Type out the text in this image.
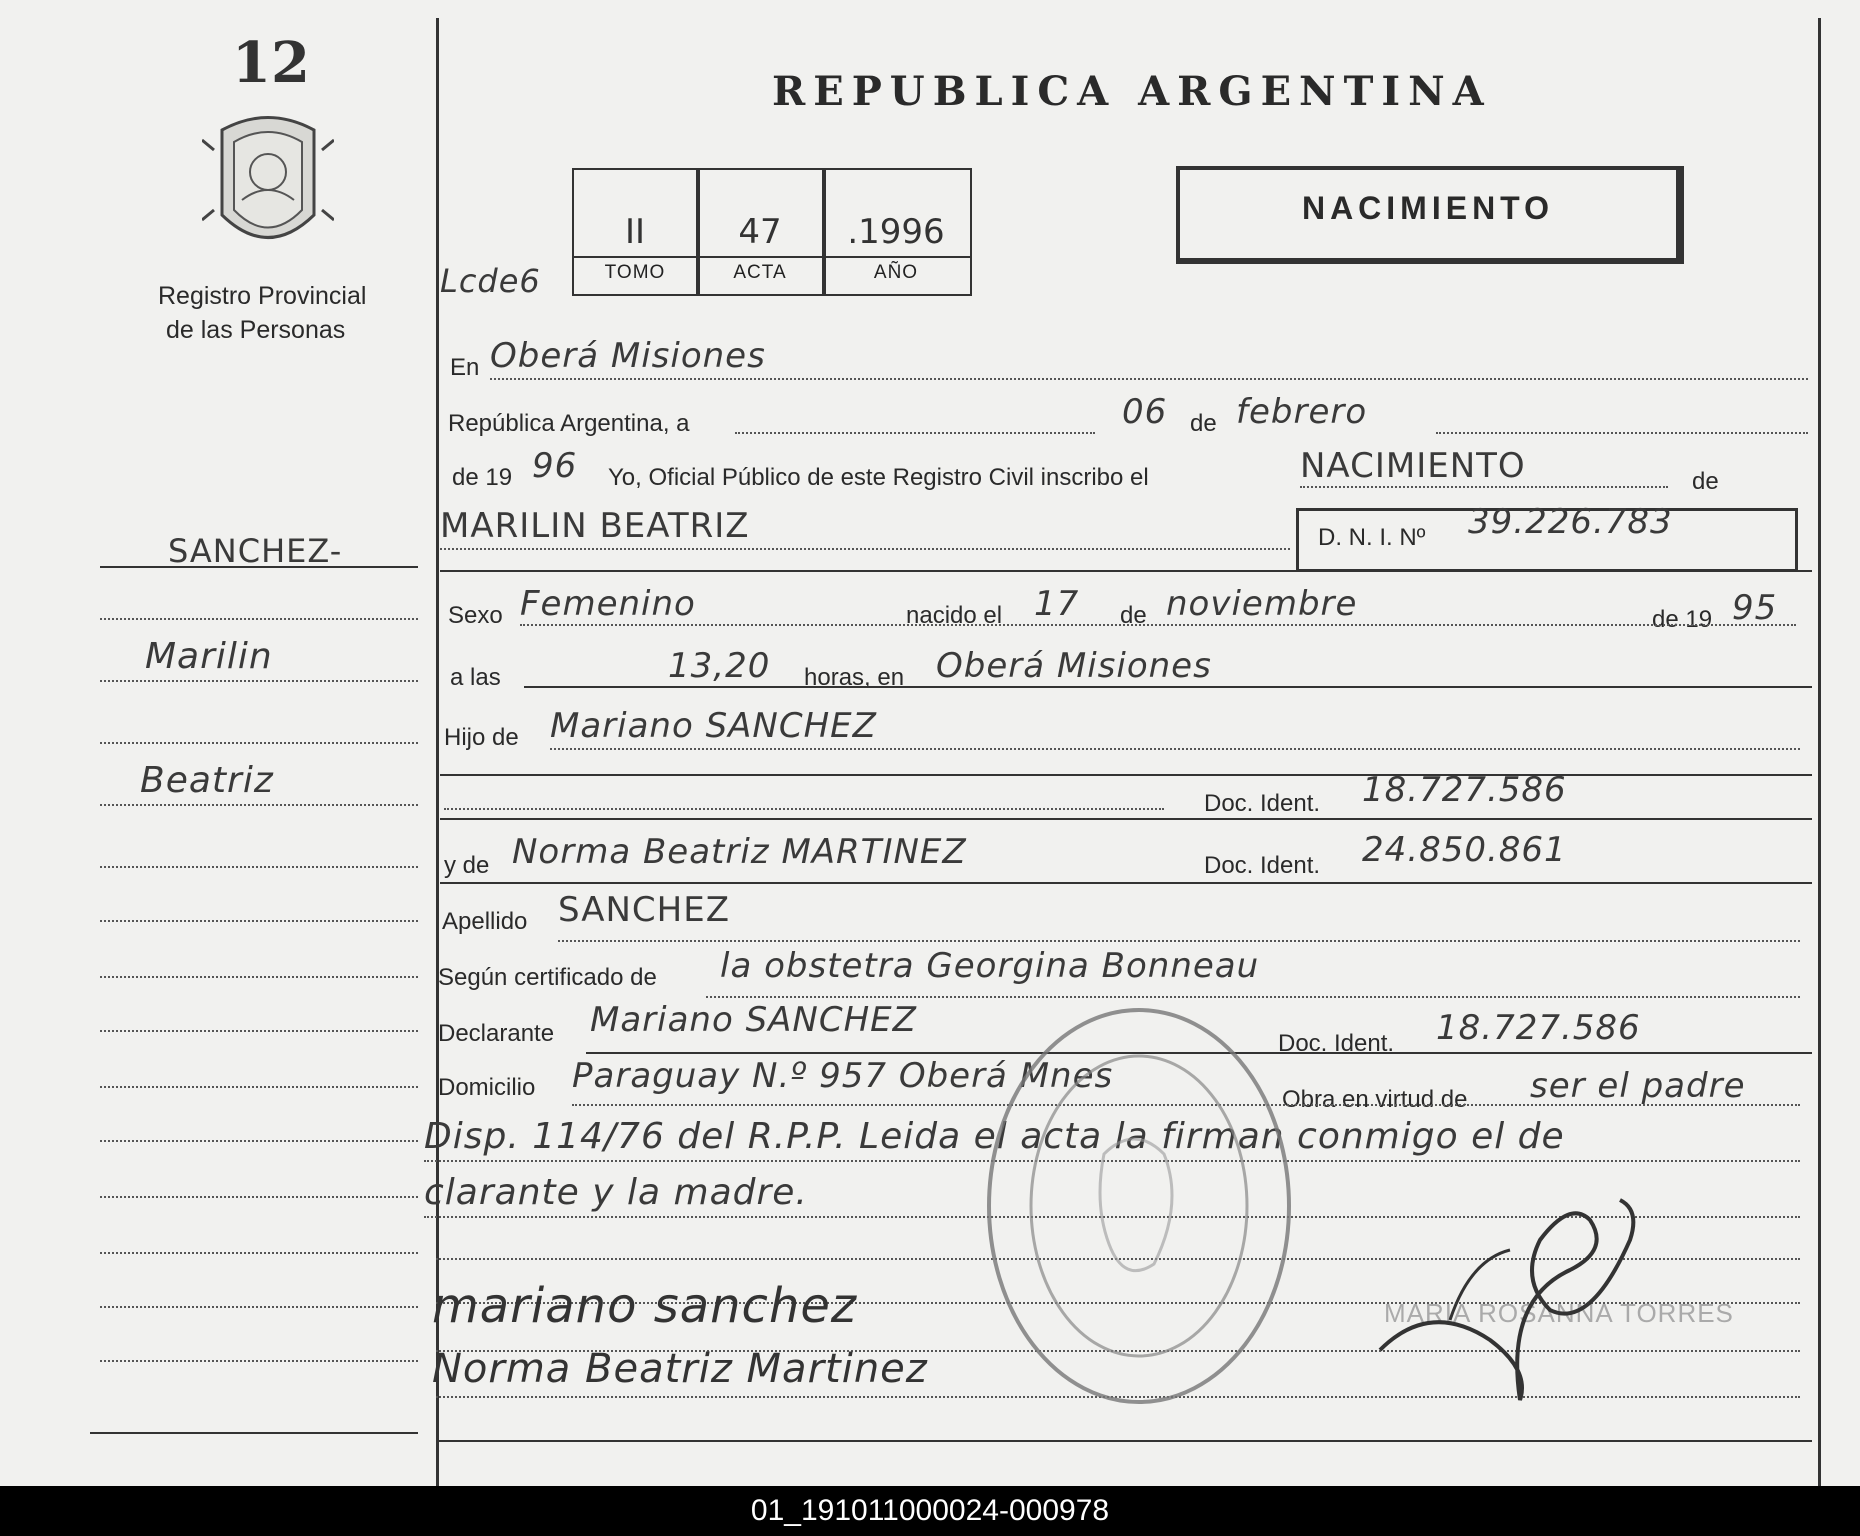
12
Registro Provincial
de las Personas
SANCHEZ-
Marilin
Beatriz
REPUBLICA ARGENTINA
II	47	.1996
TOMO	ACTA	AÑO
Lcde6
NACIMIENTO
En Oberá Misiones
República Argentina, a	06 de febrero
de 19 96 Yo, Oficial Público de este Registro Civil inscribo el	NACIMIENTO	de
MARILIN BEATRIZ	D. N. I. Nº 39.226.783
Sexo Femenino	nacido el 17 de noviembre	de 19 95
a las	13,20 horas, en Oberá Misiones
Hijo de Mariano SANCHEZ
Doc. Ident. 18.727.586
y de Norma Beatriz MARTINEZ	Doc. Ident. 24.850.861
Apellido SANCHEZ
Según certificado de la obstetra Georgina Bonneau
Declarante Mariano SANCHEZ
Doc. Ident. 18.727.586
Domicilio Paraguay N.º 957 Oberá Mnes
Obra en virtud de ser el padre
Disp. 114/76 del R.P.P. Leida el acta la firman conmigo el de
clarante y la madre.
mariano sanchez
Norma Beatriz Martinez
MARIA ROSANNA TORRES
01_191011000024-000978
